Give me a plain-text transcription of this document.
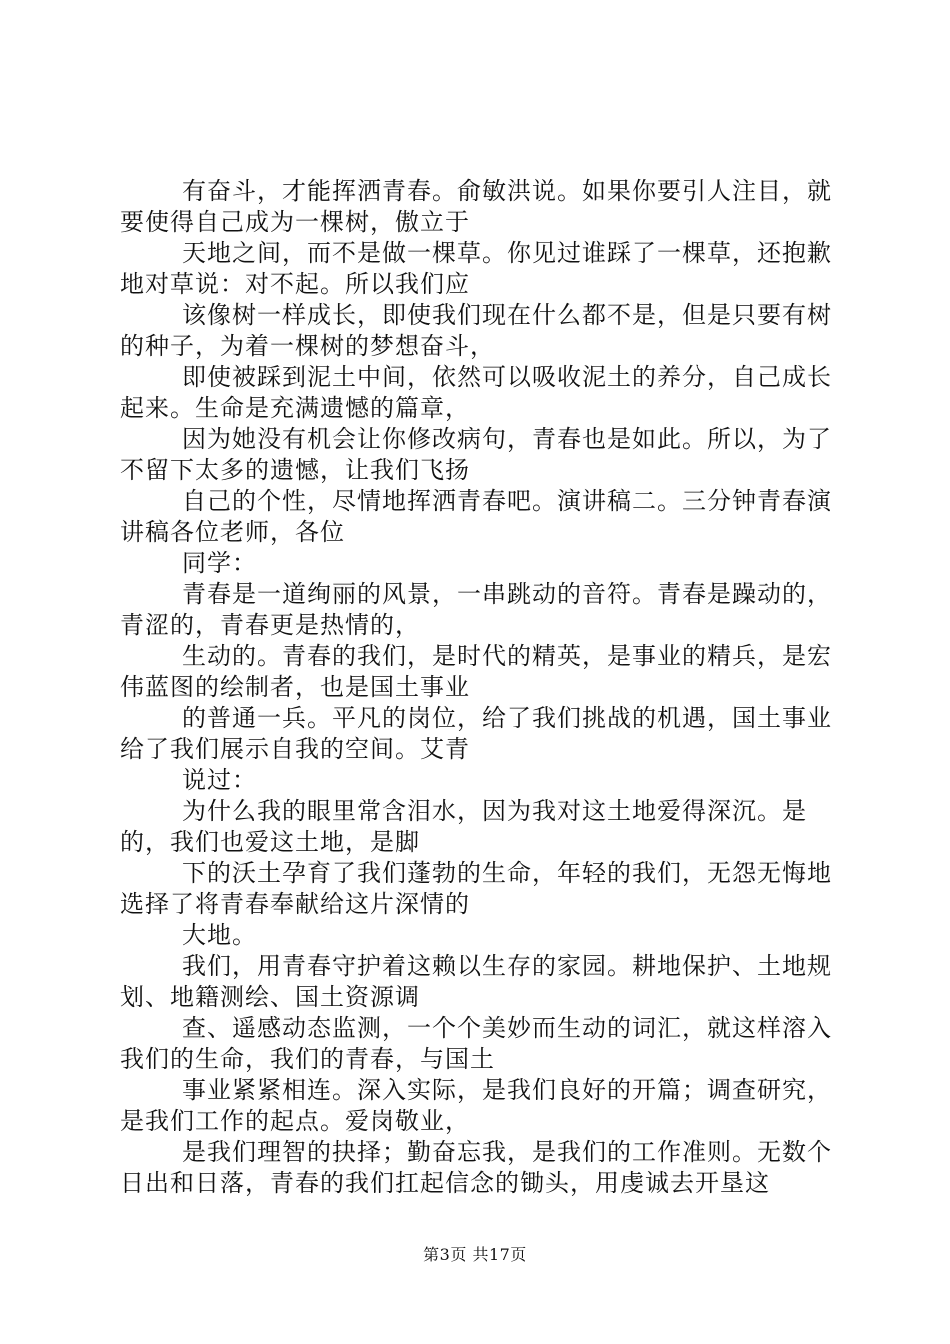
有奋斗，才能挥洒青春。俞敏洪说。如果你要引人注目，就要使得自己成为一棵树，傲立于

天地之间，而不是做一棵草。你见过谁踩了一棵草，还抱歉地对草说：对不起。所以我们应

该像树一样成长，即使我们现在什么都不是，但是只要有树的种子，为着一棵树的梦想奋斗，

即使被踩到泥土中间，依然可以吸收泥土的养分，自己成长起来。生命是充满遗憾的篇章，

因为她没有机会让你修改病句，青春也是如此。所以，为了不留下太多的遗憾，让我们飞扬

自己的个性，尽情地挥洒青春吧。演讲稿二。三分钟青春演讲稿各位老师，各位

同学：

青春是一道绚丽的风景，一串跳动的音符。青春是躁动的，青涩的，青春更是热情的，

生动的。青春的我们，是时代的精英，是事业的精兵，是宏伟蓝图的绘制者，也是国土事业

的普通一兵。平凡的岗位，给了我们挑战的机遇，国土事业给了我们展示自我的空间。艾青

说过：

为什么我的眼里常含泪水，因为我对这土地爱得深沉。是的，我们也爱这土地，是脚

下的沃土孕育了我们蓬勃的生命，年轻的我们，无怨无悔地选择了将青春奉献给这片深情的

大地。

我们，用青春守护着这赖以生存的家园。耕地保护、土地规划、地籍测绘、国土资源调

查、遥感动态监测，一个个美妙而生动的词汇，就这样溶入我们的生命，我们的青春，与国土

事业紧紧相连。深入实际，是我们良好的开篇；调查研究，是我们工作的起点。爱岗敬业，

是我们理智的抉择；勤奋忘我，是我们的工作准则。无数个日出和日落，青春的我们扛起信念的锄头，用虔诚去开垦这

第3页 共17页
